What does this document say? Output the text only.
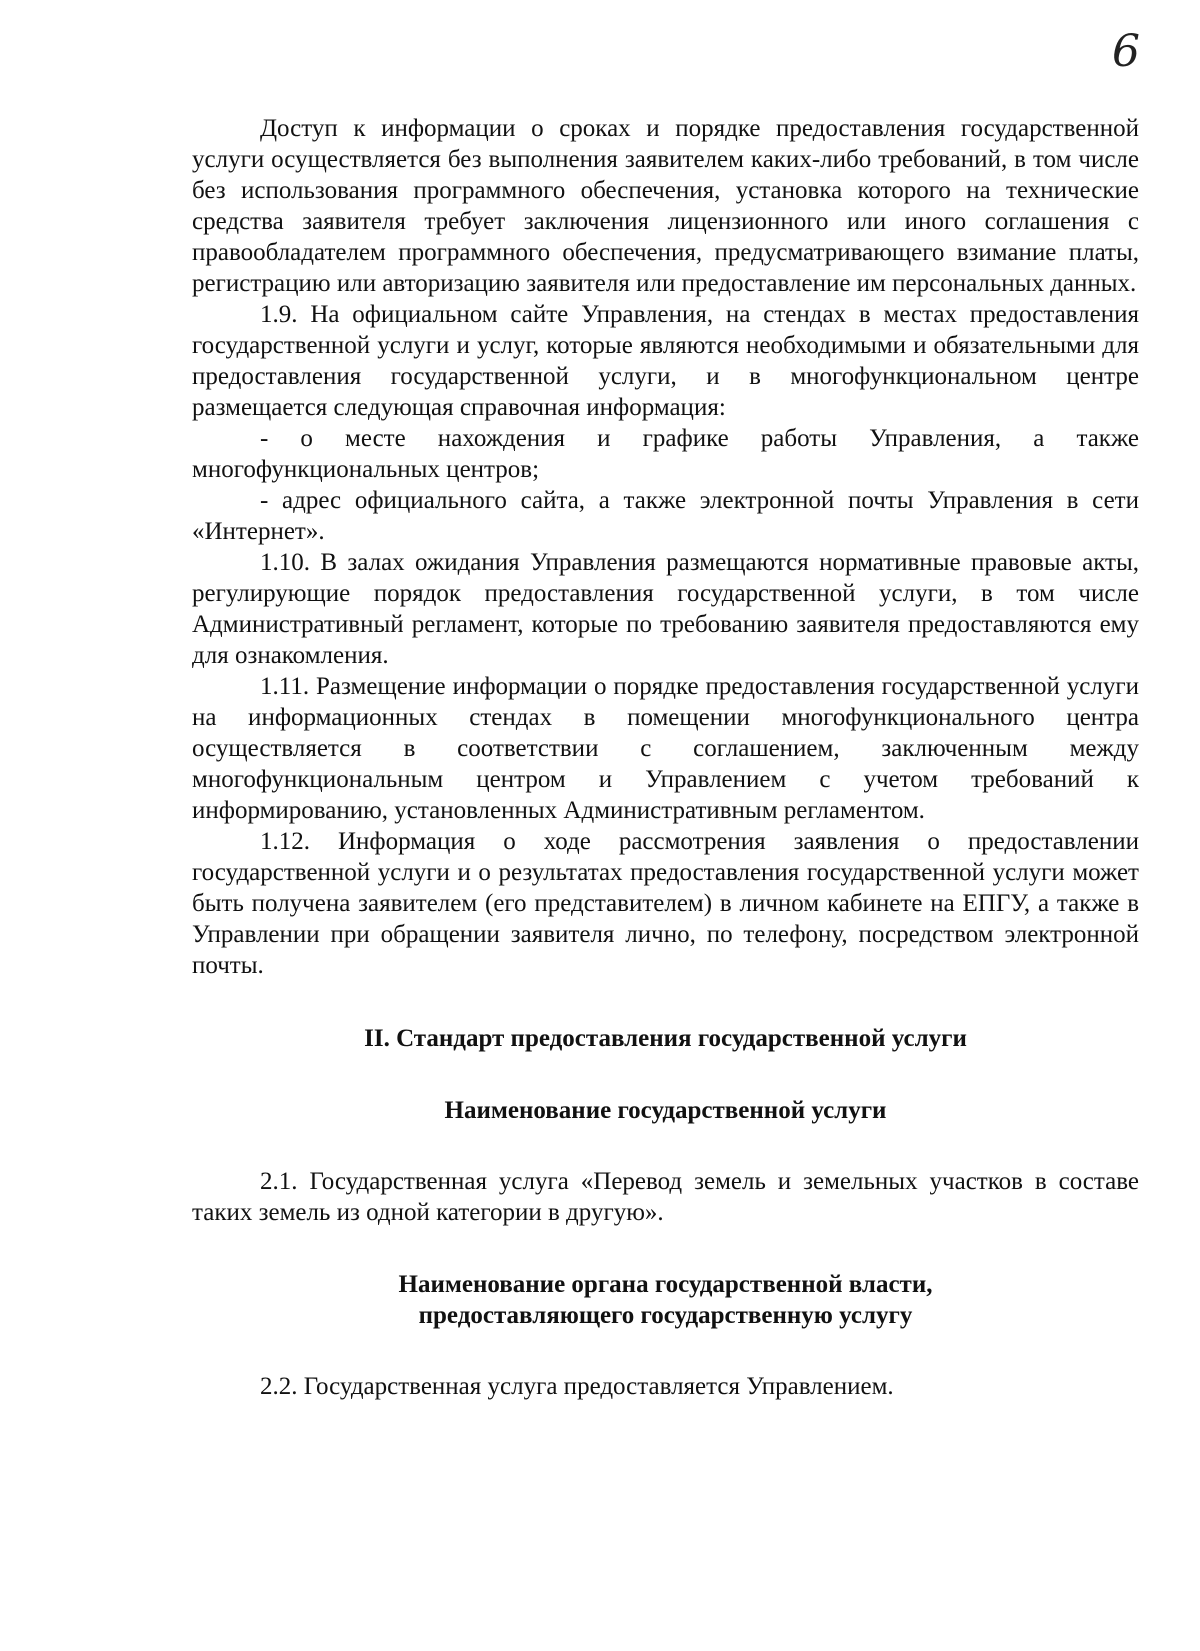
6

Доступ к информации о сроках и порядке предоставления государственной услуги осуществляется без выполнения заявителем каких-либо требований, в том числе без использования программного обеспечения, установка которого на технические средства заявителя требует заключения лицензионного или иного соглашения с правообладателем программного обеспечения, предусматривающего взимание платы, регистрацию или авторизацию заявителя или предоставление им персональных данных.

1.9. На официальном сайте Управления, на стендах в местах предоставления государственной услуги и услуг, которые являются необходимыми и обязательными для предоставления государственной услуги, и в многофункциональном центре размещается следующая справочная информация:

- о месте нахождения и графике работы Управления, а также многофункциональных центров;

- адрес официального сайта, а также электронной почты Управления в сети «Интернет».

1.10. В залах ожидания Управления размещаются нормативные правовые акты, регулирующие порядок предоставления государственной услуги, в том числе Административный регламент, которые по требованию заявителя предоставляются ему для ознакомления.

1.11. Размещение информации о порядке предоставления государственной услуги на информационных стендах в помещении многофункционального центра осуществляется в соответствии с соглашением, заключенным между многофункциональным центром и Управлением с учетом требований к информированию, установленных Административным регламентом.

1.12. Информация о ходе рассмотрения заявления о предоставлении государственной услуги и о результатах предоставления государственной услуги может быть получена заявителем (его представителем) в личном кабинете на ЕПГУ, а также в Управлении при обращении заявителя лично, по телефону, посредством электронной почты.

II. Стандарт предоставления государственной услуги

Наименование государственной услуги

2.1. Государственная услуга «Перевод земель и земельных участков в составе таких земель из одной категории в другую».

Наименование органа государственной власти,

предоставляющего государственную услугу

2.2. Государственная услуга предоставляется Управлением.
